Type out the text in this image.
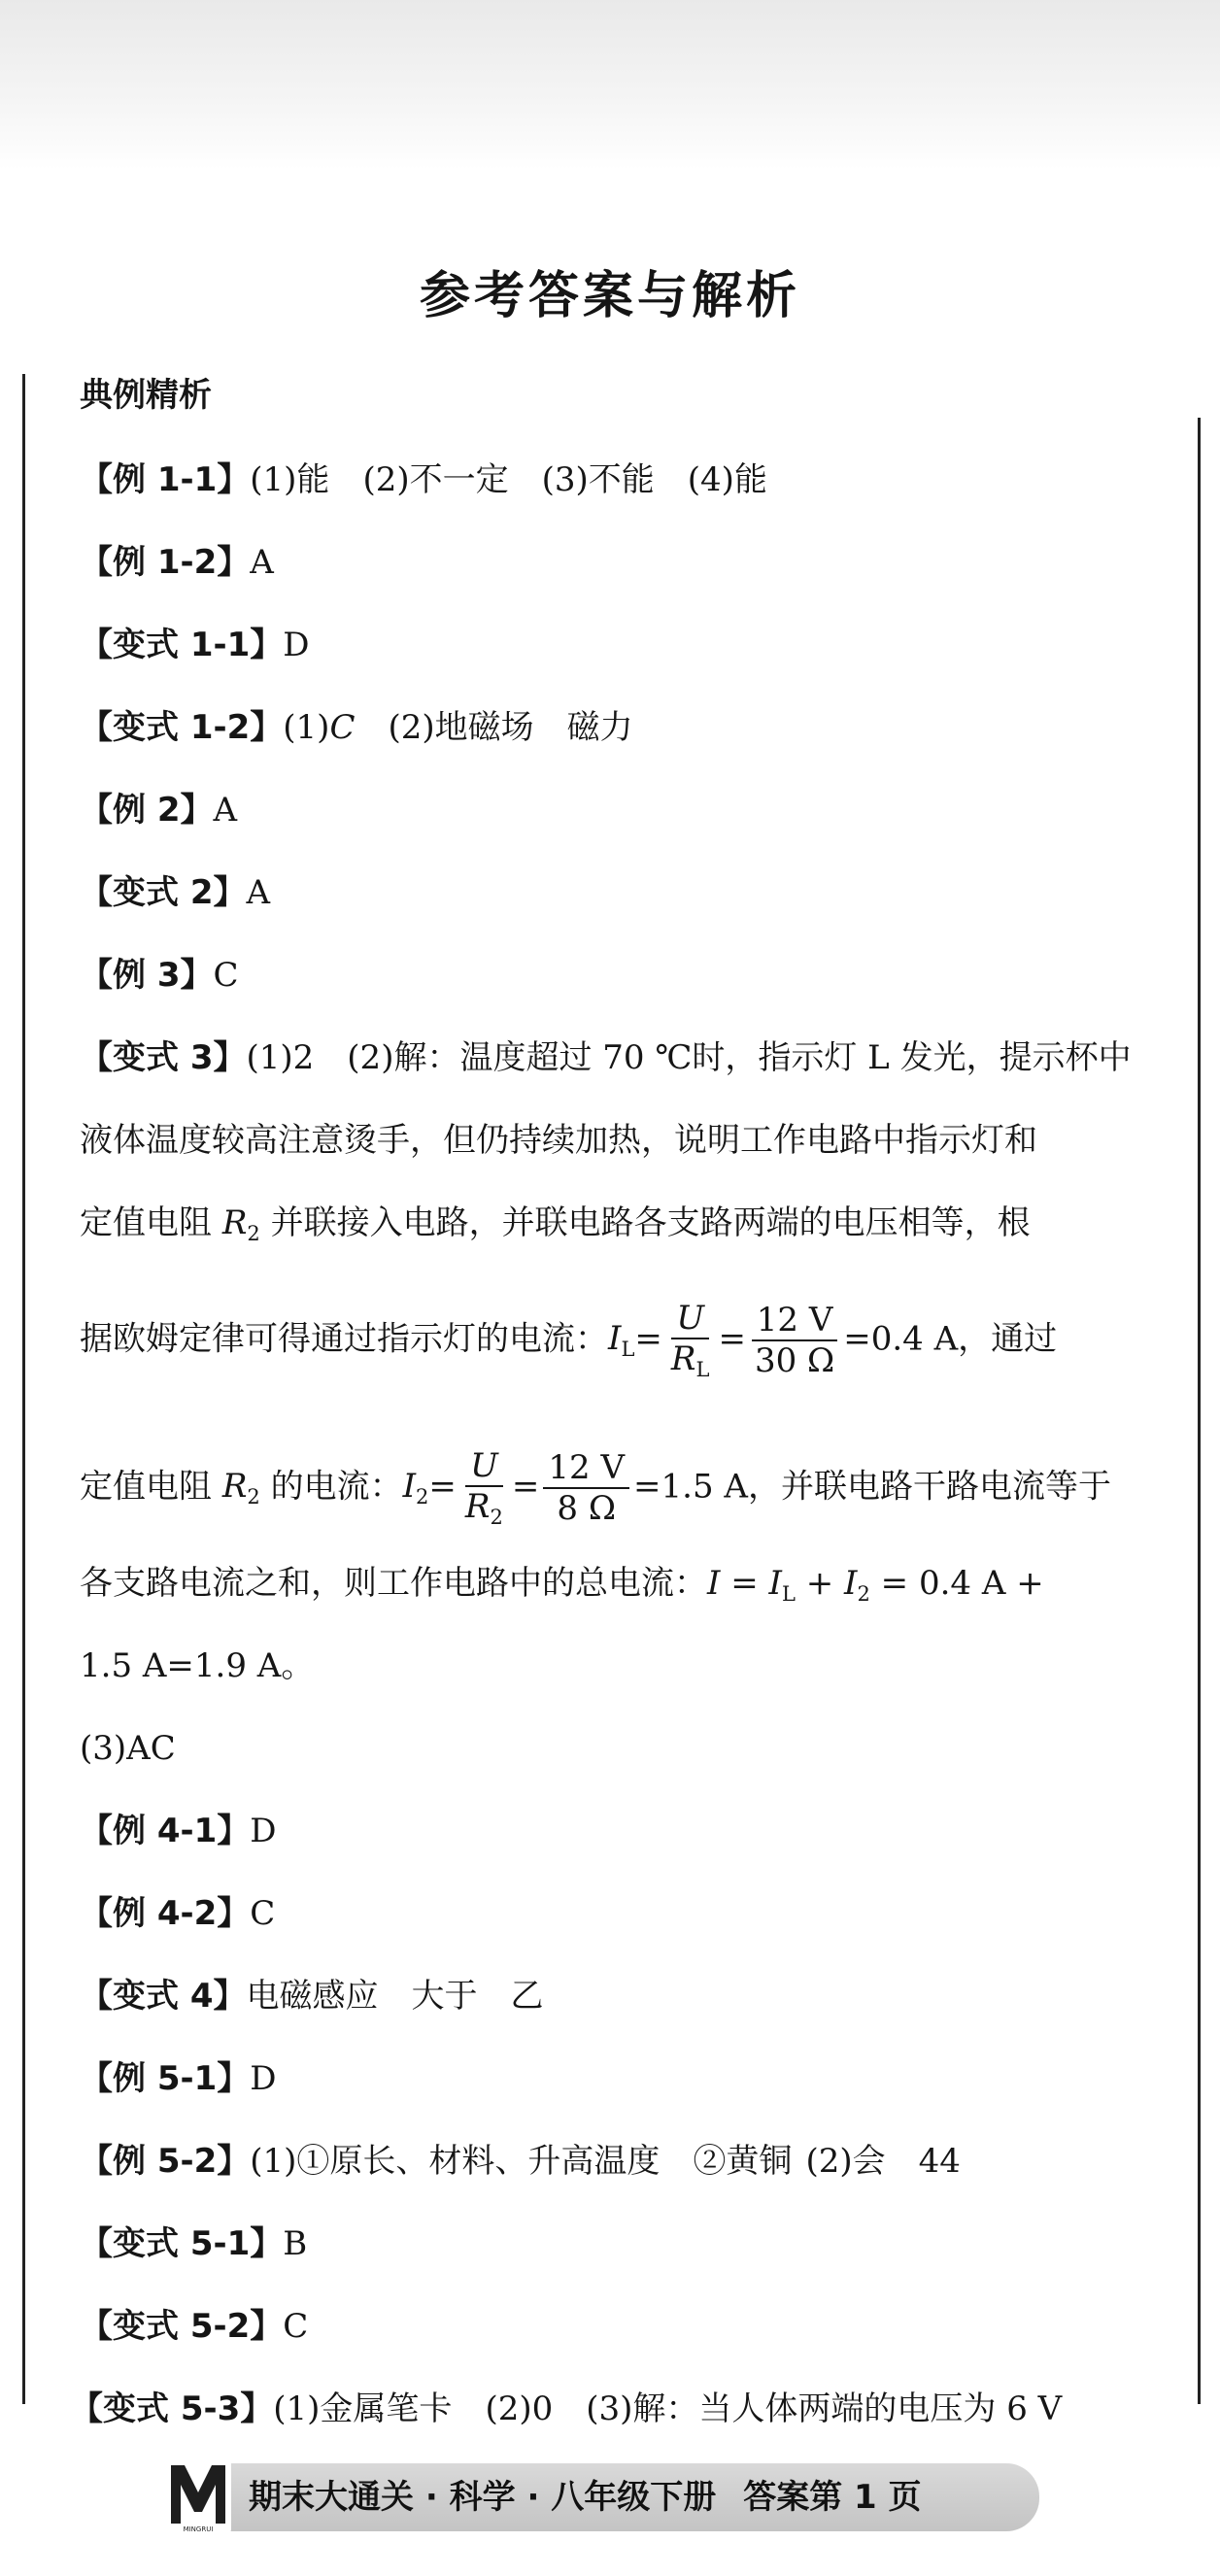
参考答案与解析
典例精析
【例 1-1】(1)能 (2)不一定 (3)不能 (4)能
【例 1-2】A
【变式 1-1】D
【变式 1-2】(1)C (2)地磁场 磁力
【例 2】A
【变式 2】A
【例 3】C
【变式 3】(1)2 (2)解：温度超过 70 ℃时，指示灯 L 发光，提示杯中
液体温度较高注意烫手，但仍持续加热，说明工作电路中指示灯和
定值电阻 $R_2$ 并联接入电路，并联电路各支路两端的电压相等，根
据欧姆定律可得通过指示灯的电流：$I_L= \frac{U}{R_L} = \frac{12 V}{30 \Omega} =0.4$ A，通过
定值电阻 $R_2$ 的电流：$I_2= \frac{U}{R_2} = \frac{12 V}{8 \Omega} =1.5$ A，并联电路干路电流等于
各支路电流之和，则工作电路中的总电流：$I = I_L + I_2 = 0.4$ A +
1.5 A=1.9 A。
(3)AC
【例 4-1】D
【例 4-2】C
【变式 4】电磁感应 大于 乙
【例 5-1】D
【例 5-2】(1)①原长、材料、升高温度 ②黄铜 (2)会 44
【变式 5-1】B
【变式 5-2】C
【变式 5-3】(1)金属笔卡 (2)0 (3)解：当人体两端的电压为 6 V
期末大通关 · 科学 · 八年级下册 答案第 1 页
MINGRUI
